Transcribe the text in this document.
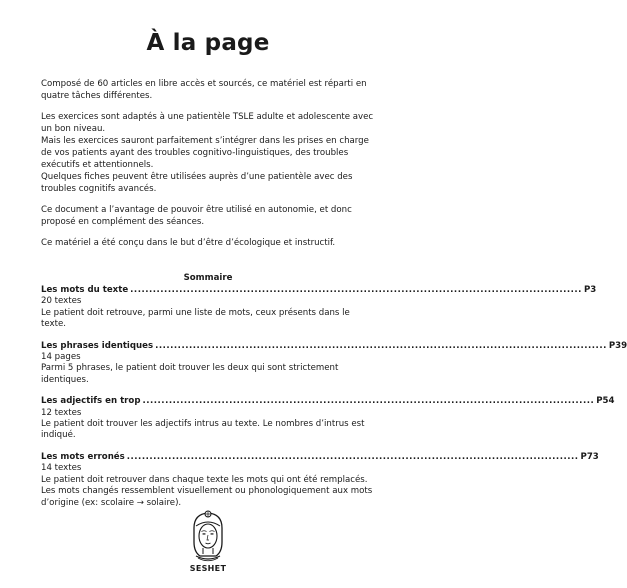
À la page

Composé de 60 articles en libre accès et sourcés, ce matériel est réparti en quatre tâches différentes.

Les exercices sont adaptés à une patientèle TSLE adulte et adolescente avec un bon niveau.

Mais les exercices sauront parfaitement s’intégrer dans les prises en charge de vos patients ayant des troubles cognitivo-linguistiques, des troubles exécutifs et attentionnels.

Quelques fiches peuvent être utilisées auprès d’une patientèle avec des troubles cognitifs avancés.

Ce document a l’avantage de pouvoir être utilisé en autonomie, et donc proposé en complément des séances.

Ce matériel a été conçu dans le but d’être d’écologique et instructif.

Sommaire
Les mots du texte ........................................................................................................................ P3

20 textes

Le patient doit retrouve, parmi une liste de mots, ceux présents dans le texte.

Les phrases identiques ........................................................................................................................ P39

14 pages

Parmi 5 phrases, le patient doit trouver les deux qui sont strictement identiques.

Les adjectifs en trop ........................................................................................................................ P54

12 textes

Le patient doit trouver les adjectifs intrus au texte. Le nombres d’intrus est indiqué.

Les mots erronés ........................................................................................................................ P73

14 textes

Le patient doit retrouver dans chaque texte les mots qui ont été remplacés.

Les mots changés ressemblent visuellement ou phonologiquement aux mots d’origine (ex: scolaire → solaire).

SESHET
